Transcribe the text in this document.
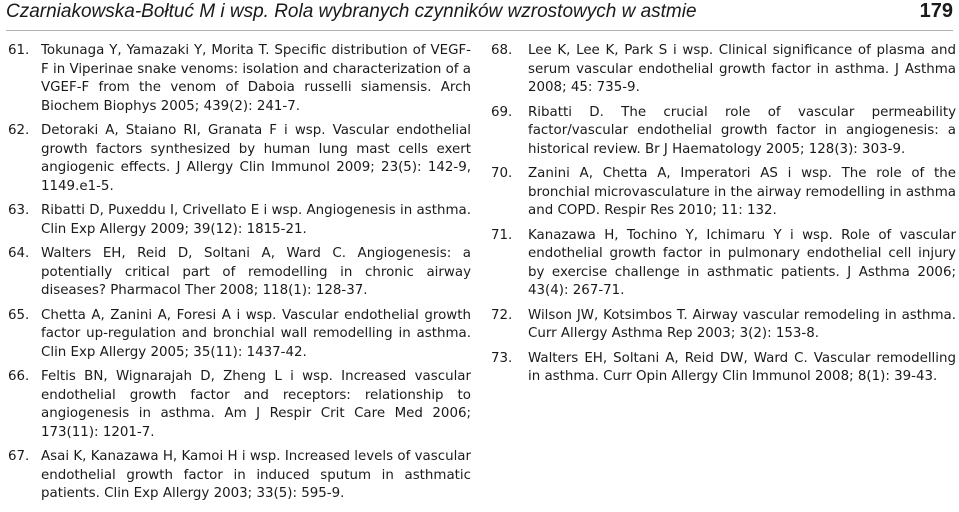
Czarniakowska-Bołtuć M i wsp. Rola wybranych czynników wzrostowych w astmie	179
61. Tokunaga Y, Yamazaki Y, Morita T. Specific distribution of VEGF-F in Viperinae snake venoms: isolation and characterization of a VGEF-F from the venom of Daboia russelli siamensis. Arch Biochem Biophys 2005; 439(2): 241-7.
62. Detoraki A, Staiano RI, Granata F i wsp. Vascular endothelial growth factors synthesized by human lung mast cells exert angiogenic effects. J Allergy Clin Immunol 2009; 23(5): 142-9, 1149.e1-5.
63. Ribatti D, Puxeddu I, Crivellato E i wsp. Angiogenesis in asthma. Clin Exp Allergy 2009; 39(12): 1815-21.
64. Walters EH, Reid D, Soltani A, Ward C. Angiogenesis: a potentially critical part of remodelling in chronic airway diseases? Pharmacol Ther 2008; 118(1): 128-37.
65. Chetta A, Zanini A, Foresi A i wsp. Vascular endothelial growth factor up-regulation and bronchial wall remodelling in asthma. Clin Exp Allergy 2005; 35(11): 1437-42.
66. Feltis BN, Wignarajah D, Zheng L i wsp. Increased vascular endothelial growth factor and receptors: relationship to angiogenesis in asthma. Am J Respir Crit Care Med 2006; 173(11): 1201-7.
67. Asai K, Kanazawa H, Kamoi H i wsp. Increased levels of vascular endothelial growth factor in induced sputum in asthmatic patients. Clin Exp Allergy 2003; 33(5): 595-9.
68.	Lee K, Lee K, Park S i wsp. Clinical significance of plasma and serum vascular endothelial growth factor in asthma. J Asthma 2008; 45: 735-9.
69.	Ribatti D. The crucial role of vascular permeability factor/vascular endothelial growth factor in angiogenesis: a historical review. Br J Haematology 2005; 128(3): 303-9.
70.	Zanini A, Chetta A, Imperatori AS i wsp. The role of the bronchial microvasculature in the airway remodelling in asthma and COPD. Respir Res 2010; 11: 132.
71.	Kanazawa H, Tochino Y, Ichimaru Y i wsp. Role of vascular endothelial growth factor in pulmonary endothelial cell injury by exercise challenge in asthmatic patients. J Asthma 2006; 43(4): 267-71.
72.	Wilson JW, Kotsimbos T. Airway vascular remodeling in asthma. Curr Allergy Asthma Rep 2003; 3(2): 153-8.
73.	Walters EH, Soltani A, Reid DW, Ward C. Vascular remodelling in asthma. Curr Opin Allergy Clin Immunol 2008; 8(1): 39-43.
